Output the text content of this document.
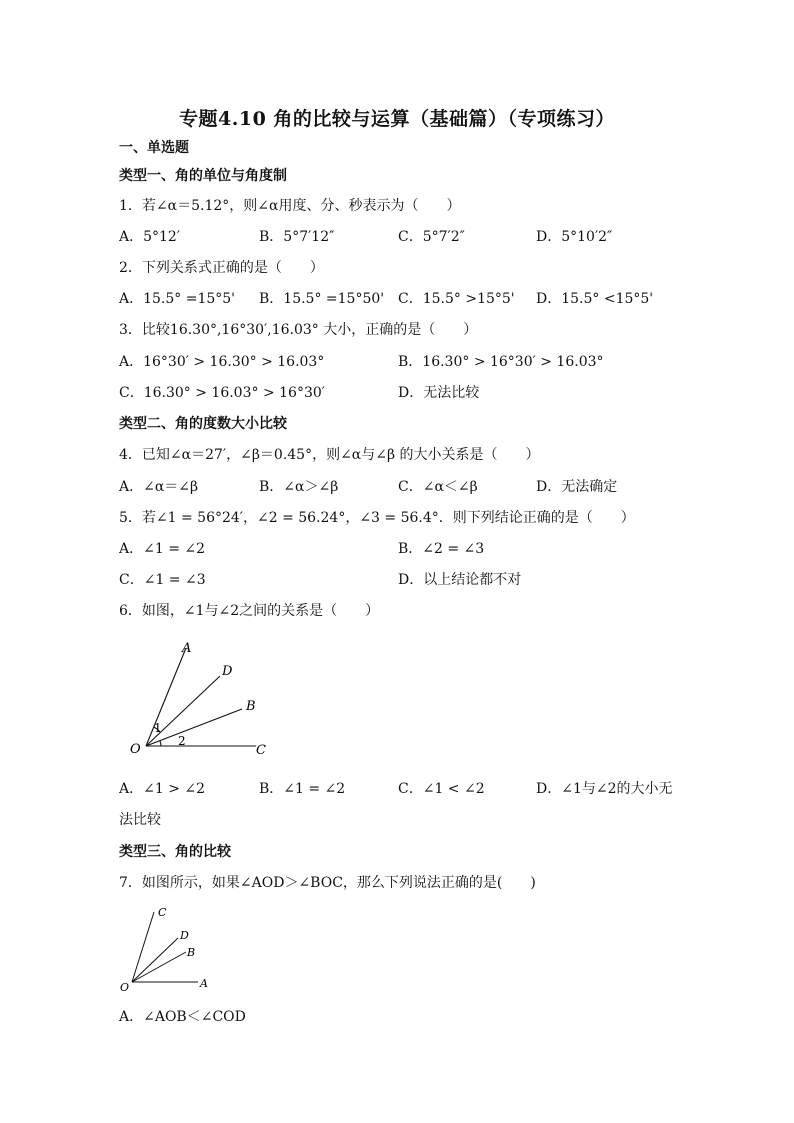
专题4.10 角的比较与运算（基础篇）（专项练习）
一、单选题
类型一、角的单位与角度制
1．若∠α＝5.12°，则∠α用度、分、秒表示为（　　）
A．5°12′	B．5°7′12″	C．5°7′2″	D．5°10′2″
2．下列关系式正确的是（　　）
A．15.5° =15°5' B．15.5° =15°50' C．15.5° >15°5' D．15.5° <15°5'
3．比较16.30°,16°30′,16.03° 大小，正确的是（　　）
A．16°30′ > 16.30° > 16.03°	B．16.30° > 16°30′ > 16.03°
C．16.30° > 16.03° > 16°30′	D．无法比较
类型二、角的度数大小比较
4．已知∠α＝27′，∠β＝0.45°，则∠α与∠β 的大小关系是（　　）
A．∠α＝∠β	B．∠α＞∠β	C．∠α＜∠β	D．无法确定
5．若∠1 = 56°24′，∠2 = 56.24°，∠3 = 56.4°．则下列结论正确的是（　　）
A．∠1 = ∠2	B．∠2 = ∠3
C．∠1 = ∠3	D．以上结论都不对
6．如图，∠1与∠2之间的关系是（　　）
A
D
B
C
O
1
2
A．∠1 > ∠2	B．∠1 = ∠2	C．∠1 < ∠2	D．∠1与∠2的大小无
法比较
类型三、角的比较
7．如图所示，如果∠AOD＞∠BOC，那么下列说法正确的是(　　)
C
D
B
A
O
A．∠AOB＜∠COD
